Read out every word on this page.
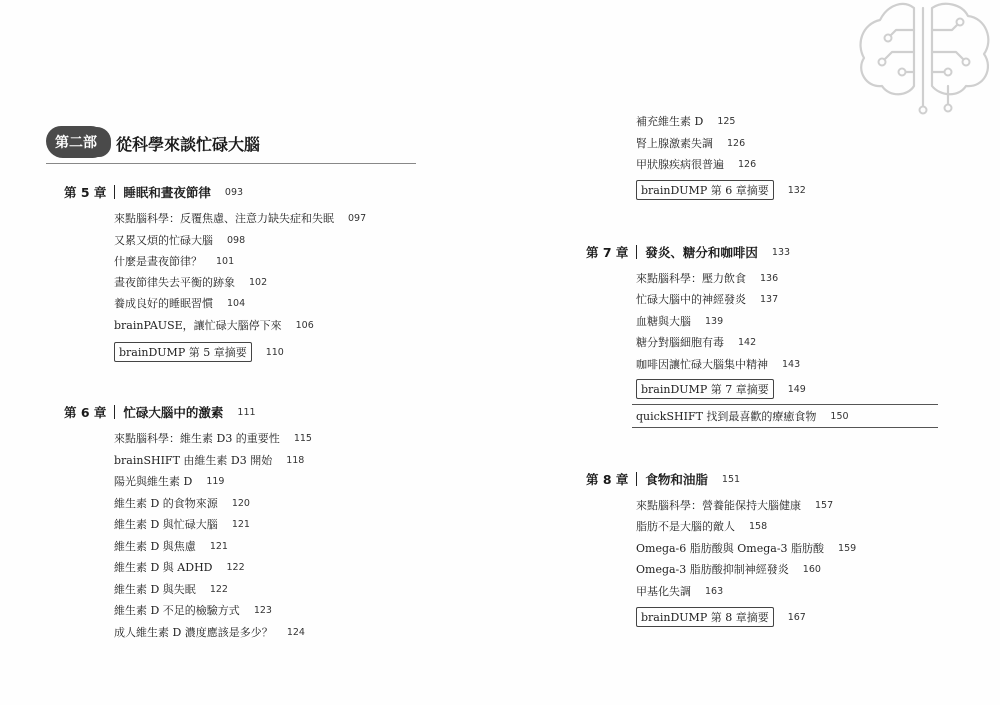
第二部	從科學來談忙碌大腦
第 5 章 睡眠和晝夜節律 093
來點腦科學：反覆焦慮、注意力缺失症和失眠 097
又累又煩的忙碌大腦 098
什麼是晝夜節律？ 101
晝夜節律失去平衡的跡象 102
養成良好的睡眠習慣 104
brainPAUSE，讓忙碌大腦停下來 106
brainDUMP 第 5 章摘要	110
第 6 章 忙碌大腦中的激素 111
來點腦科學：維生素 D3 的重要性 115
brainSHIFT 由維生素 D3 開始 118
陽光與維生素 D 119
維生素 D 的食物來源 120
維生素 D 與忙碌大腦 121
維生素 D 與焦慮 121
維生素 D 與 ADHD 122
維生素 D 與失眠 122
維生素 D 不足的檢驗方式 123
成人維生素 D 濃度應該是多少？ 124
補充維生素 D 125
腎上腺激素失調 126
甲狀腺疾病很普遍 126
brainDUMP 第 6 章摘要	132
第 7 章 發炎、糖分和咖啡因 133
來點腦科學：壓力飲食 136
忙碌大腦中的神經發炎 137
血糖與大腦 139
糖分對腦細胞有毒 142
咖啡因讓忙碌大腦集中精神 143
brainDUMP 第 7 章摘要	149
quickSHIFT 找到最喜歡的療癒食物 150
第 8 章 食物和油脂 151
來點腦科學：營養能保持大腦健康 157
脂肪不是大腦的敵人 158
Omega-6 脂肪酸與 Omega-3 脂肪酸 159
Omega-3 脂肪酸抑制神經發炎 160
甲基化失調 163
brainDUMP 第 8 章摘要	167
